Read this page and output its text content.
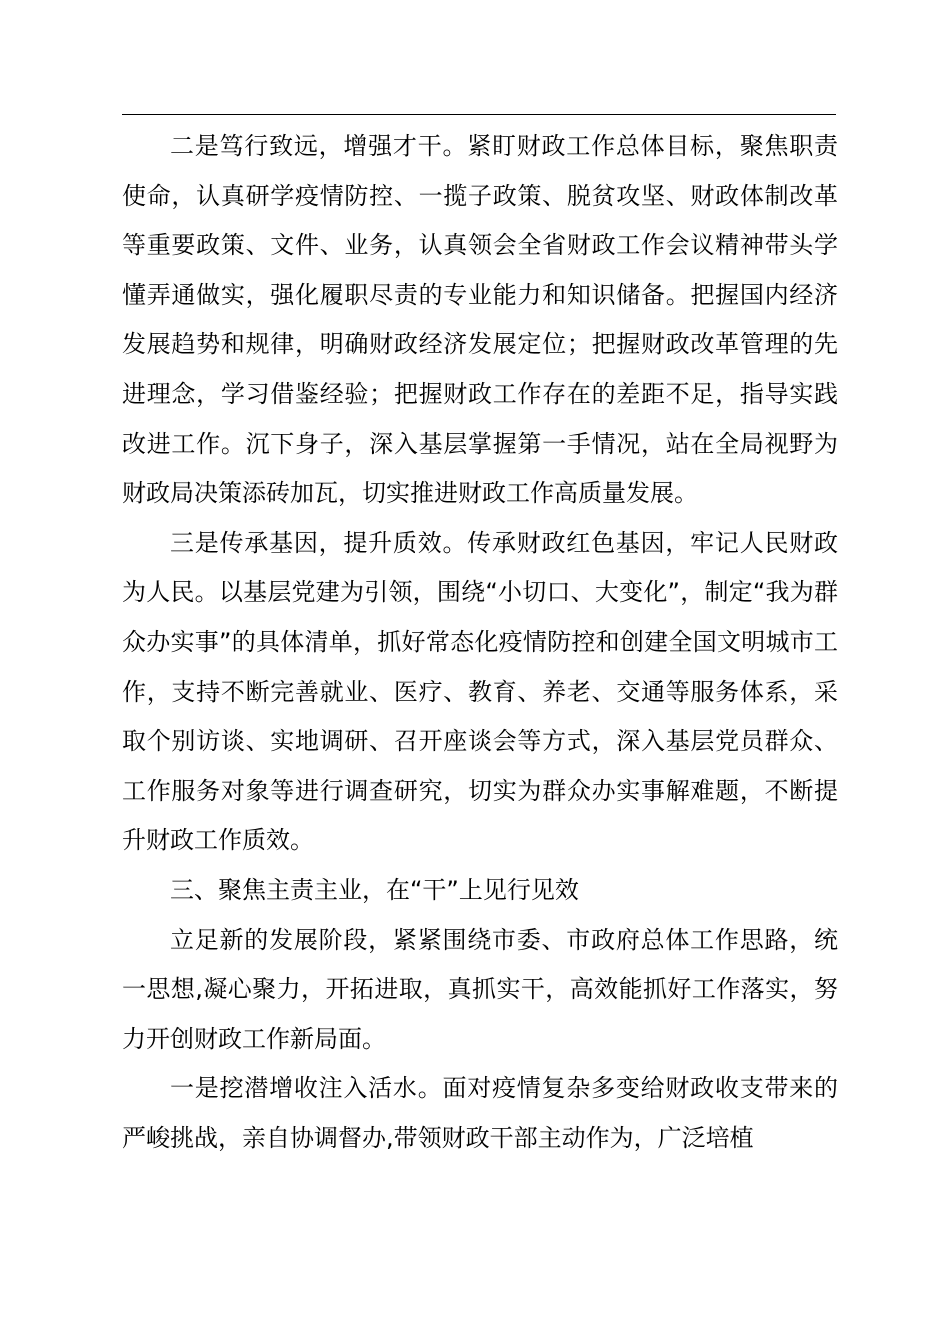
二是笃行致远，增强才干。紧盯财政工作总体目标，聚焦职责使命，认真研学疫情防控、一揽子政策、脱贫攻坚、财政体制改革等重要政策、文件、业务，认真领会全省财政工作会议精神带头学懂弄通做实，强化履职尽责的专业能力和知识储备。把握国内经济发展趋势和规律，明确财政经济发展定位；把握财政改革管理的先进理念，学习借鉴经验；把握财政工作存在的差距不足，指导实践改进工作。沉下身子，深入基层掌握第一手情况，站在全局视野为财政局决策添砖加瓦，切实推进财政工作高质量发展。

三是传承基因，提升质效。传承财政红色基因，牢记人民财政为人民。以基层党建为引领，围绕“小切口、大变化”，制定“我为群众办实事”的具体清单，抓好常态化疫情防控和创建全国文明城市工作，支持不断完善就业、医疗、教育、养老、交通等服务体系，采取个别访谈、实地调研、召开座谈会等方式，深入基层党员群众、工作服务对象等进行调查研究，切实为群众办实事解难题，不断提升财政工作质效。

三、聚焦主责主业，在“干”上见行见效

立足新的发展阶段，紧紧围绕市委、市政府总体工作思路，统一思想,凝心聚力，开拓进取，真抓实干，高效能抓好工作落实，努力开创财政工作新局面。

一是挖潜增收注入活水。面对疫情复杂多变给财政收支带来的严峻挑战，亲自协调督办,带领财政干部主动作为，广泛培植
